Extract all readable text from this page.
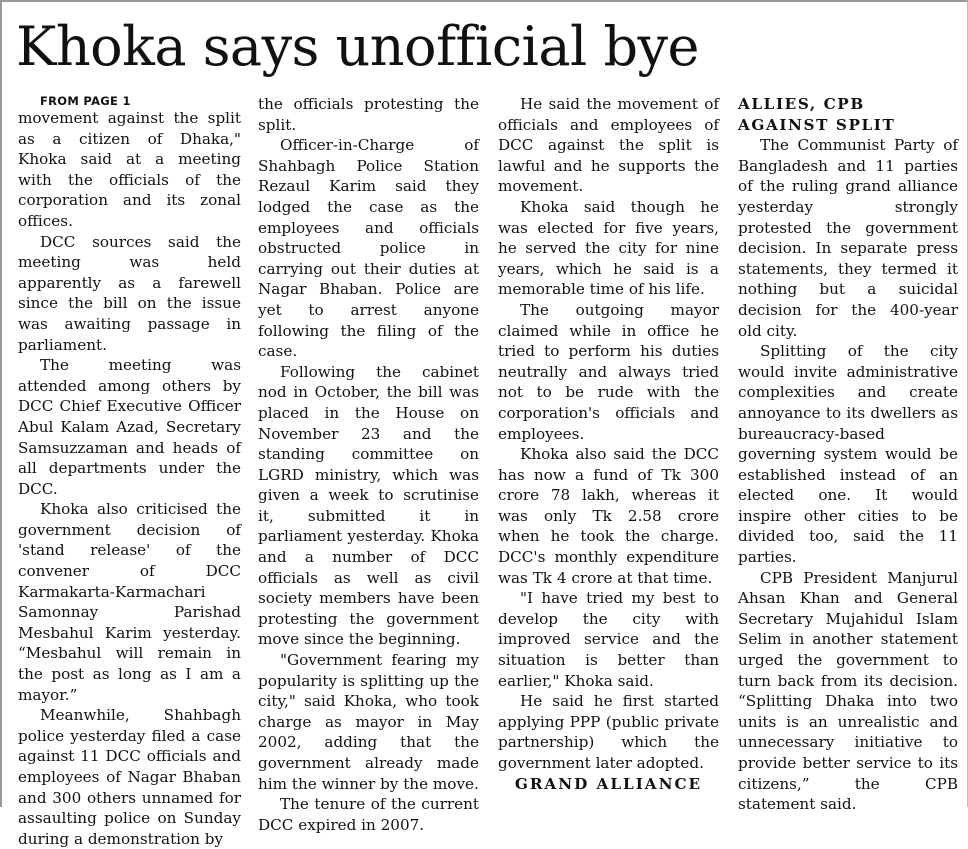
Khoka says unofficial bye

FROM PAGE 1

movement against the split as a citizen of Dhaka," Khoka said at a meeting with the officials of the corporation and its zonal offices.

DCC sources said the meeting was held apparently as a farewell since the bill on the issue was awaiting passage in parliament.

The meeting was attended among others by DCC Chief Executive Officer Abul Kalam Azad, Secretary Samsuzzaman and heads of all departments under the DCC.

Khoka also criticised the government decision of 'stand release' of the convener of DCC Karmakarta-Karmachari Samonnay Parishad Mesbahul Karim yesterday. “Mesbahul will remain in the post as long as I am a mayor.”

Meanwhile, Shahbagh police yesterday filed a case against 11 DCC officials and employees of Nagar Bhaban and 300 others unnamed for assaulting police on Sunday during a demonstration by

the officials protesting the split.

Officer-in-Charge of Shahbagh Police Station Rezaul Karim said they lodged the case as the employees and officials obstructed police in carrying out their duties at Nagar Bhaban. Police are yet to arrest anyone following the filing of the case.

Following the cabinet nod in October, the bill was placed in the House on November 23 and the standing committee on LGRD ministry, which was given a week to scrutinise it, submitted it in parliament yesterday. Khoka and a number of DCC officials as well as civil society members have been protesting the government move since the beginning.

"Government fearing my popularity is splitting up the city," said Khoka, who took charge as mayor in May 2002, adding that the government already made him the winner by the move.

The tenure of the current DCC expired in 2007.

He said the movement of officials and employees of DCC against the split is lawful and he supports the movement.

Khoka said though he was elected for five years, he served the city for nine years, which he said is a memorable time of his life.

The outgoing mayor claimed while in office he tried to perform his duties neutrally and always tried not to be rude with the corporation's officials and employees.

Khoka also said the DCC has now a fund of Tk 300 crore 78 lakh, whereas it was only Tk 2.58 crore when he took the charge. DCC's monthly expenditure was Tk 4 crore at that time.

"I have tried my best to develop the city with improved service and the situation is better than earlier," Khoka said.

He said he first started applying PPP (public private partnership) which the government later adopted.

GRAND ALLIANCE

ALLIES, CPB AGAINST SPLIT

The Communist Party of Bangladesh and 11 parties of the ruling grand alliance yesterday strongly protested the government decision. In separate press statements, they termed it nothing but a suicidal decision for the 400-year old city.

Splitting of the city would invite administrative complexities and create annoyance to its dwellers as bureaucracy-based governing system would be established instead of an elected one. It would inspire other cities to be divided too, said the 11 parties.

CPB President Manjurul Ahsan Khan and General Secretary Mujahidul Islam Selim in another statement urged the government to turn back from its decision. “Splitting Dhaka into two units is an unrealistic and unnecessary initiative to provide better service to its citizens,” the CPB statement said.
